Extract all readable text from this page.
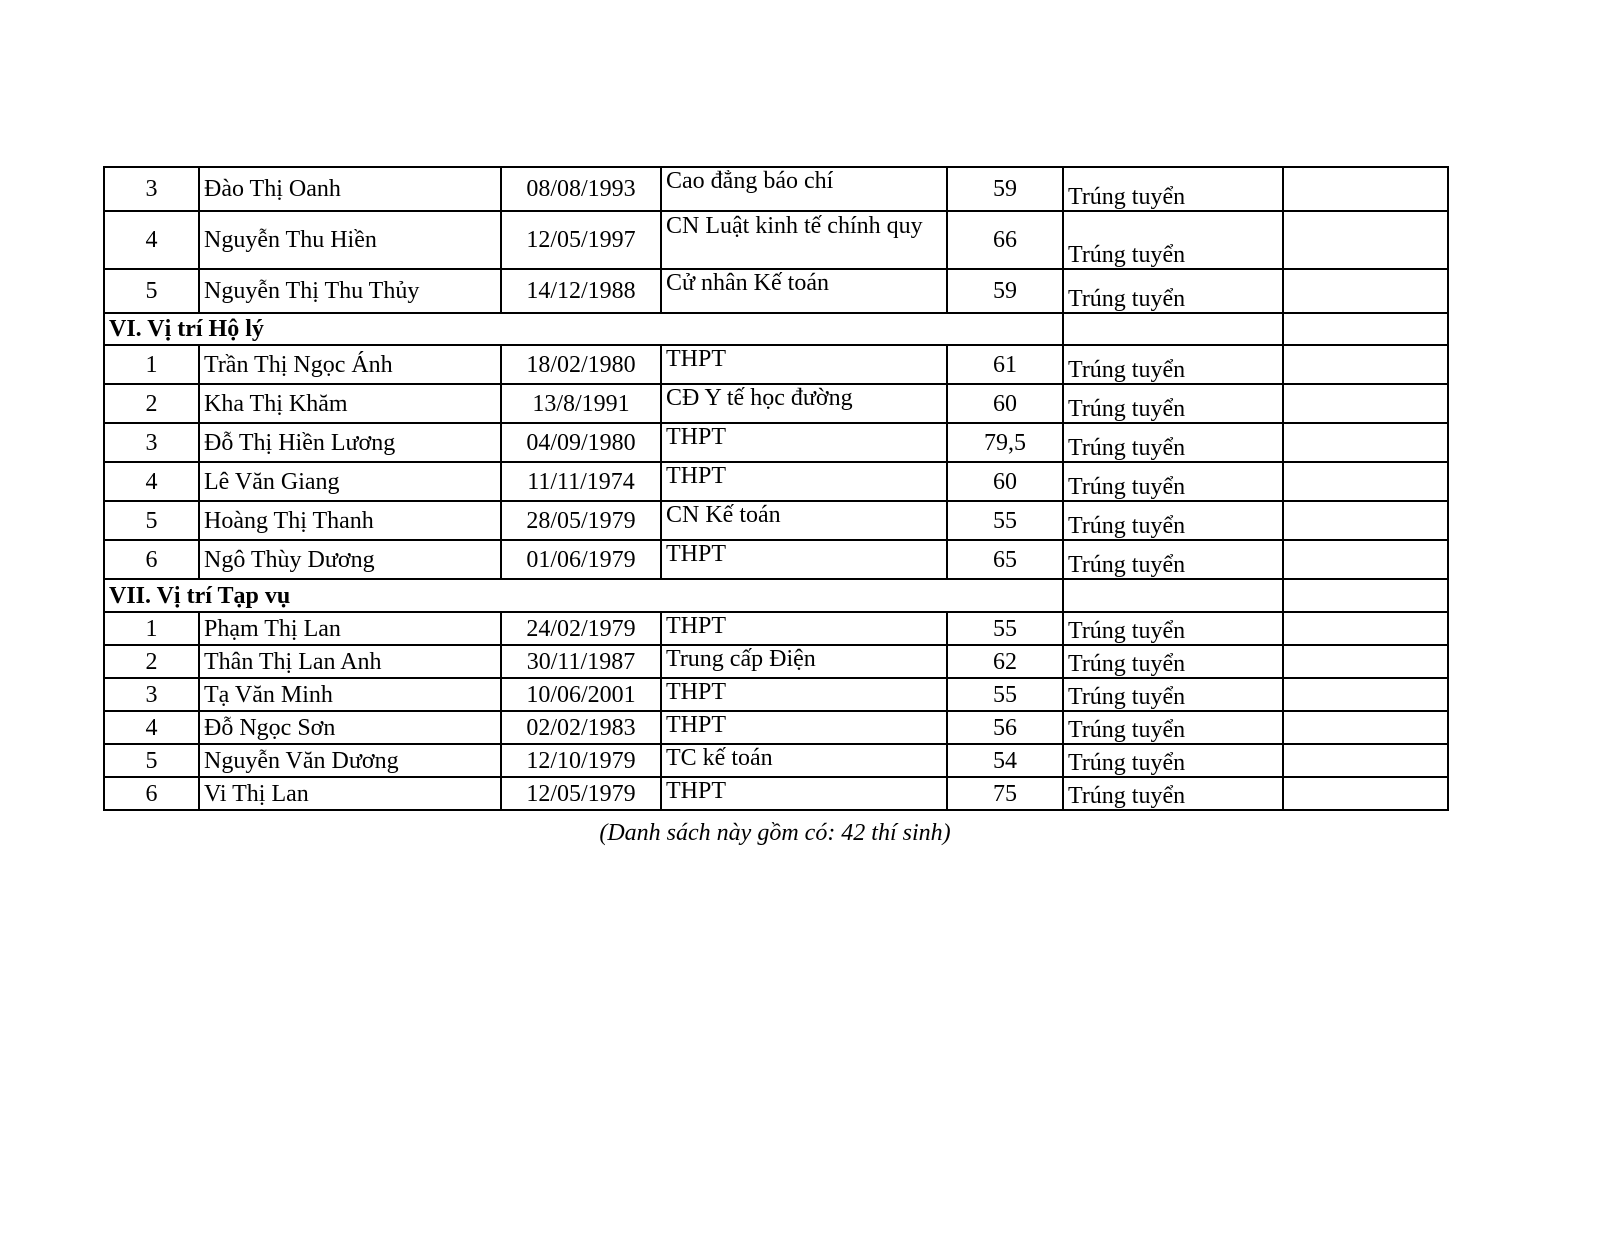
3	Đào Thị Oanh	08/08/1993	Cao đẳng báo chí	59	Trúng tuyển	
4	Nguyễn Thu Hiền	12/05/1997	CN Luật kinh tế chính quy	66	Trúng tuyển	
5	Nguyễn Thị Thu Thủy	14/12/1988	Cử nhân Kế toán	59	Trúng tuyển	
VI. Vị trí Hộ lý						
1	Trần Thị Ngọc Ánh	18/02/1980	THPT	61	Trúng tuyển	
2	Kha Thị Khăm	13/8/1991	CĐ Y tế học đường	60	Trúng tuyển	
3	Đỗ Thị Hiền Lương	04/09/1980	THPT	79,5	Trúng tuyển	
4	Lê Văn Giang	11/11/1974	THPT	60	Trúng tuyển	
5	Hoàng Thị Thanh	28/05/1979	CN Kế toán	55	Trúng tuyển	
6	Ngô Thùy Dương	01/06/1979	THPT	65	Trúng tuyển	
VII. Vị trí Tạp vụ						
1	Phạm Thị Lan	24/02/1979	THPT	55	Trúng tuyển	
2	Thân Thị Lan Anh	30/11/1987	Trung cấp Điện	62	Trúng tuyển	
3	Tạ Văn Minh	10/06/2001	THPT	55	Trúng tuyển	
4	Đỗ Ngọc Sơn	02/02/1983	THPT	56	Trúng tuyển	
5	Nguyễn Văn Dương	12/10/1979	TC kế toán	54	Trúng tuyển	
6	Vi Thị Lan	12/05/1979	THPT	75	Trúng tuyển	
(Danh sách này gồm có: 42 thí sinh)
